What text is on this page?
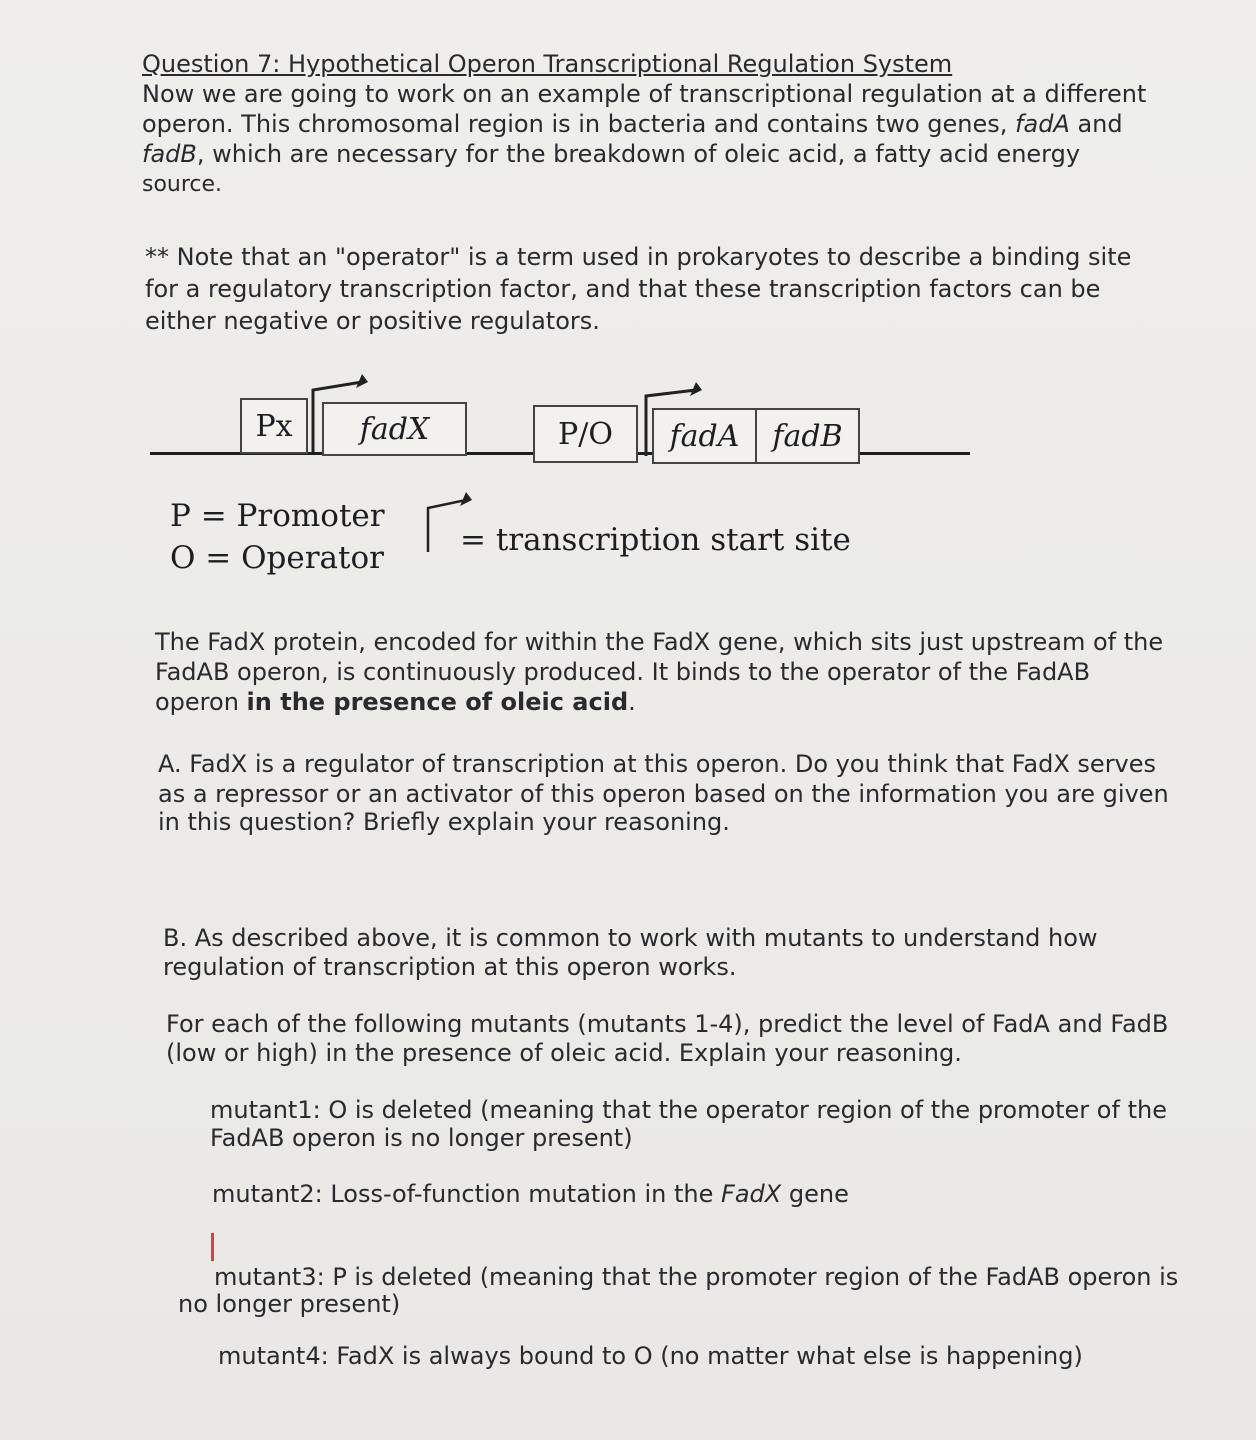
Question 7: Hypothetical Operon Transcriptional Regulation System
Now we are going to work on an example of transcriptional regulation at a different
operon. This chromosomal region is in bacteria and contains two genes, fadA and
fadB, which are necessary for the breakdown of oleic acid, a fatty acid energy
source.
** Note that an "operator" is a term used in prokaryotes to describe a binding site
for a regulatory transcription factor, and that these transcription factors can be
either negative or positive regulators.
Px	fadX	P/O	fadA	fadB
P = Promoter
O = Operator = transcription start site
The FadX protein, encoded for within the FadX gene, which sits just upstream of the
FadAB operon, is continuously produced. It binds to the operator of the FadAB
operon in the presence of oleic acid.
A. FadX is a regulator of transcription at this operon. Do you think that FadX serves
as a repressor or an activator of this operon based on the information you are given
in this question? Briefly explain your reasoning.
B. As described above, it is common to work with mutants to understand how
regulation of transcription at this operon works.
For each of the following mutants (mutants 1-4), predict the level of FadA and FadB
(low or high) in the presence of oleic acid. Explain your reasoning.
mutant1: O is deleted (meaning that the operator region of the promoter of the
FadAB operon is no longer present)
mutant2: Loss-of-function mutation in the FadX gene
mutant3: P is deleted (meaning that the promoter region of the FadAB operon is
no longer present)
mutant4: FadX is always bound to O (no matter what else is happening)
